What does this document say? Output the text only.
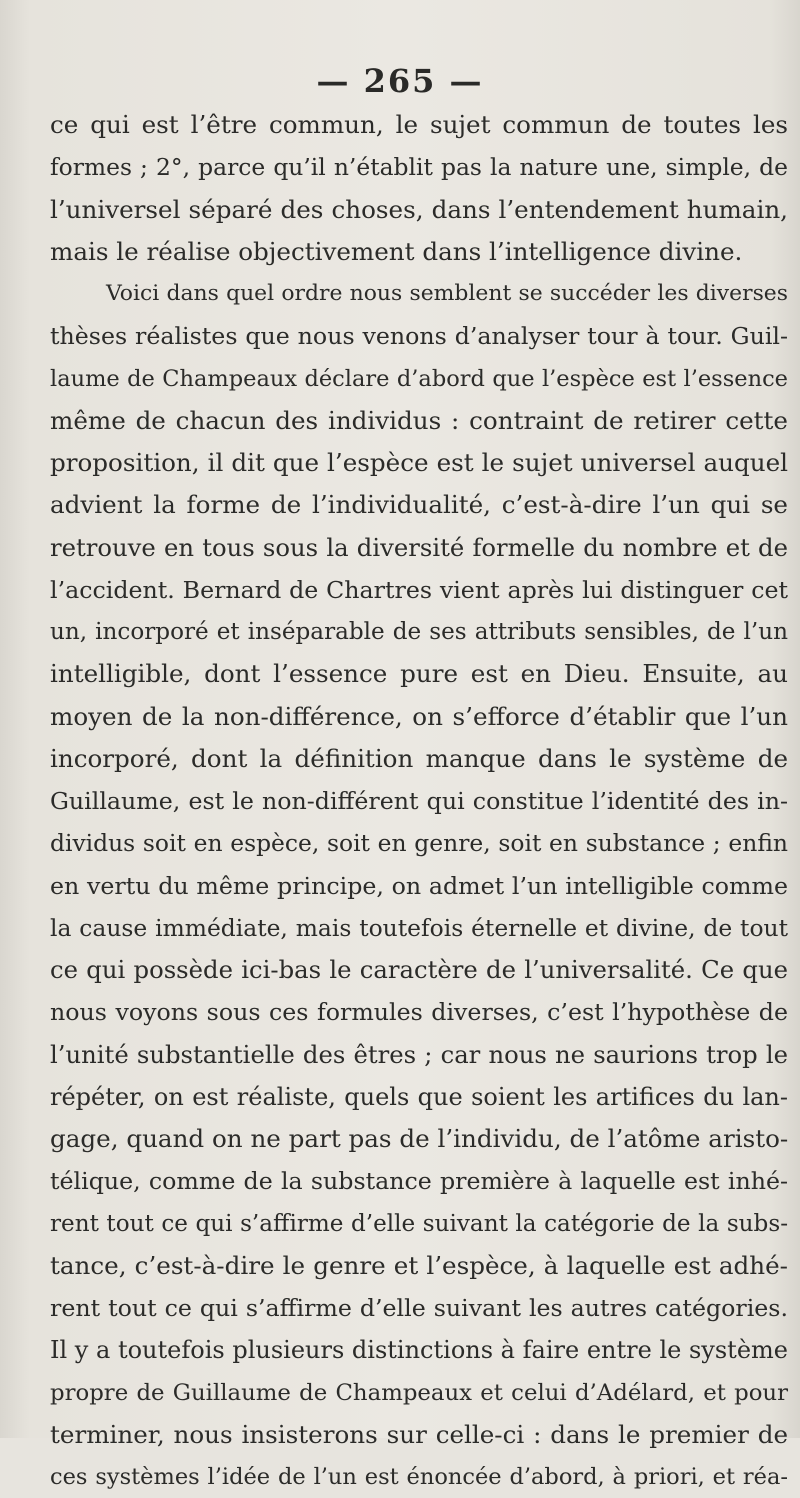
— 265 —
ce qui est l’être commun, le sujet commun de toutes les
formes ; 2°, parce qu’il n’établit pas la nature une, simple, de
l’universel séparé des choses, dans l’entendement humain,
mais le réalise objectivement dans l’intelligence divine.
Voici dans quel ordre nous semblent se succéder les diverses
thèses réalistes que nous venons d’analyser tour à tour. Guil-
laume de Champeaux déclare d’abord que l’espèce est l’essence
même de chacun des individus : contraint de retirer cette
proposition, il dit que l’espèce est le sujet universel auquel
advient la forme de l’individualité, c’est-à-dire l’un qui se
retrouve en tous sous la diversité formelle du nombre et de
l’accident. Bernard de Chartres vient après lui distinguer cet
un, incorporé et inséparable de ses attributs sensibles, de l’un
intelligible, dont l’essence pure est en Dieu. Ensuite, au
moyen de la non-différence, on s’efforce d’établir que l’un
incorporé, dont la définition manque dans le système de
Guillaume, est le non-différent qui constitue l’identité des in-
dividus soit en espèce, soit en genre, soit en substance ; enfin
en vertu du même principe, on admet l’un intelligible comme
la cause immédiate, mais toutefois éternelle et divine, de tout
ce qui possède ici-bas le caractère de l’universalité. Ce que
nous voyons sous ces formules diverses, c’est l’hypothèse de
l’unité substantielle des êtres ; car nous ne saurions trop le
répéter, on est réaliste, quels que soient les artifices du lan-
gage, quand on ne part pas de l’individu, de l’atôme aristo-
télique, comme de la substance première à laquelle est inhé-
rent tout ce qui s’affirme d’elle suivant la catégorie de la subs-
tance, c’est-à-dire le genre et l’espèce, à laquelle est adhé-
rent tout ce qui s’affirme d’elle suivant les autres catégories.
Il y a toutefois plusieurs distinctions à faire entre le système
propre de Guillaume de Champeaux et celui d’Adélard, et pour
terminer, nous insisterons sur celle-ci : dans le premier de
ces systèmes l’idée de l’un est énoncée d’abord, à priori, et réa-
